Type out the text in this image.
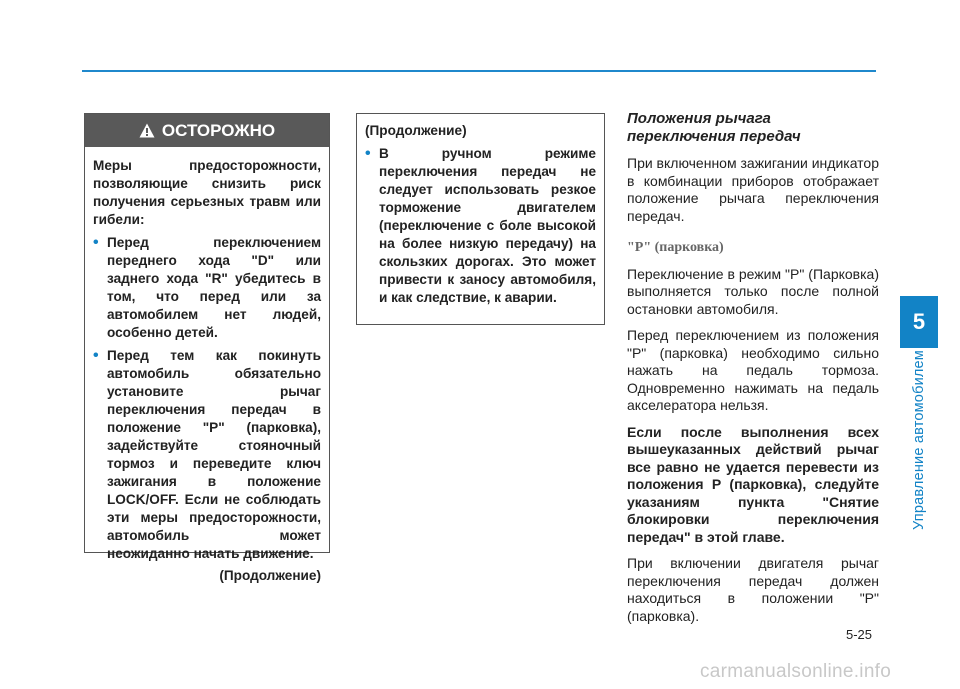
5
Управление автомобилем
ОСТОРОЖНО

Меры предосторожности, позволяющие снизить риск получения серьезных травм или гибели:

• Перед переключением переднего хода "D" или заднего хода "R" убедитесь в том, что перед или за автомобилем нет людей, особенно детей.
• Перед тем как покинуть автомобиль обязательно установите рычаг переключения передач в положение "P" (парковка), задействуйте стояночный тормоз и переведите ключ зажигания в положение LOCK/OFF. Если не соблюдать эти меры предосторожности, автомобиль может неожиданно начать движение.
(Продолжение)

(Продолжение)

• В ручном режиме переключения передач не следует использовать резкое торможение двигателем (переключение с боле высокой на более низкую передачу) на скользких дорогах. Это может привести к заносу автомобиля, и как следствие, к аварии.
Положения рычага переключения передач

При включенном зажигании индикатор в комбинации приборов отображает положение рычага переключения передач.

"P" (парковка)

Переключение в режим "P" (Парковка) выполняется только после полной остановки автомобиля.

Перед переключением из положения "P" (парковка) необходимо сильно нажать на педаль тормоза. Одновременно нажимать на педаль акселератора нельзя.

Если после выполнения всех вышеуказанных действий рычаг все равно не удается перевести из положения P (парковка), следуйте указаниям пункта "Снятие блокировки переключения передач" в этой главе.

При включении двигателя рычаг переключения передач должен находиться в положении "P" (парковка).

5-25
carmanualsonline.info
